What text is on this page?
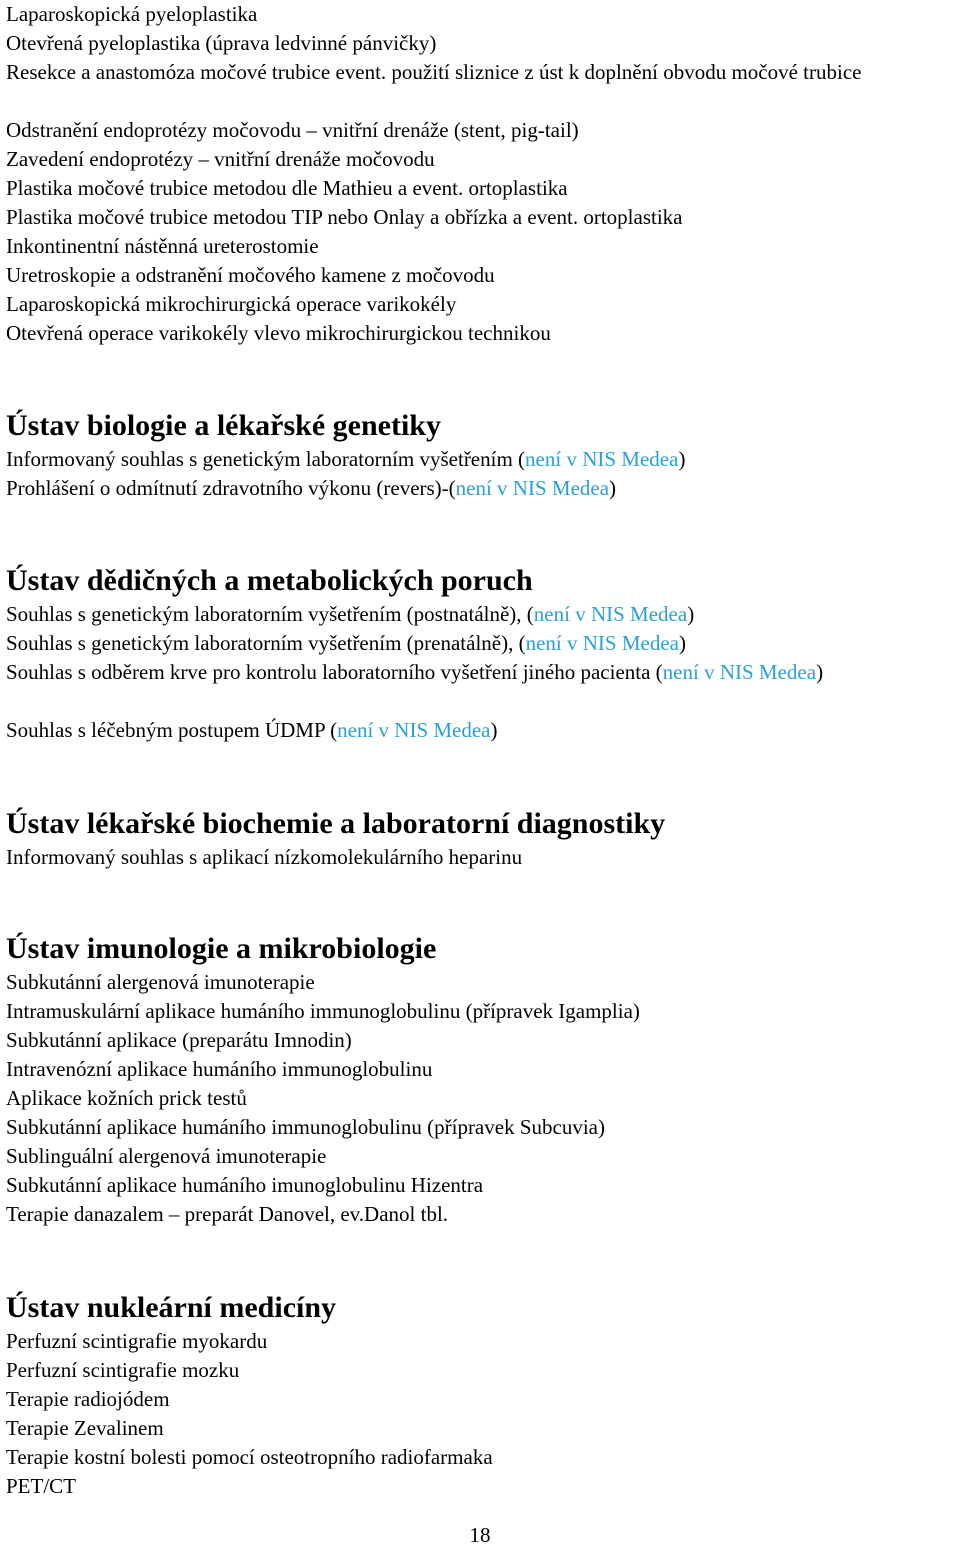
Laparoskopická pyeloplastika

Otevřená pyeloplastika (úprava ledvinné pánvičky)

Resekce a anastomóza močové trubice event. použití sliznice z úst k doplnění obvodu močové trubice

Odstranění endoprotézy močovodu – vnitřní drenáže (stent, pig-tail)

Zavedení endoprotézy – vnitřní drenáže močovodu

Plastika močové trubice metodou dle Mathieu a event. ortoplastika

Plastika močové trubice metodou TIP nebo Onlay a obřízka a event. ortoplastika

Inkontinentní nástěnná ureterostomie

Uretroskopie a odstranění močového kamene z močovodu

Laparoskopická mikrochirurgická operace varikokély

Otevřená operace varikokély vlevo mikrochirurgickou technikou

Ústav biologie a lékařské genetiky

Informovaný souhlas s genetickým laboratorním vyšetřením (není v NIS Medea)

Prohlášení o odmítnutí zdravotního výkonu (revers)-(není v NIS Medea)

Ústav dědičných a metabolických poruch

Souhlas s genetickým laboratorním vyšetřením (postnatálně), (není v NIS Medea)

Souhlas s genetickým laboratorním vyšetřením (prenatálně), (není v NIS Medea)

Souhlas s odběrem krve pro kontrolu laboratorního vyšetření jiného pacienta (není v NIS Medea)

Souhlas s léčebným postupem ÚDMP (není v NIS Medea)

Ústav lékařské biochemie a laboratorní diagnostiky

Informovaný souhlas s aplikací nízkomolekulárního heparinu

Ústav imunologie a mikrobiologie

Subkutánní alergenová imunoterapie

Intramuskulární aplikace humáního immunoglobulinu (přípravek Igamplia)

Subkutánní aplikace (preparátu Imnodin)

Intravenózní aplikace humáního immunoglobulinu

Aplikace kožních prick testů

Subkutánní aplikace humáního immunoglobulinu (přípravek Subcuvia)

Sublinguální alergenová imunoterapie

Subkutánní aplikace humáního imunoglobulinu Hizentra

Terapie danazalem – preparát Danovel, ev.Danol tbl.

Ústav nukleární medicíny

Perfuzní scintigrafie myokardu

Perfuzní scintigrafie mozku

Terapie radiojódem

Terapie Zevalinem

Terapie kostní bolesti pomocí osteotropního radiofarmaka

PET/CT

18
